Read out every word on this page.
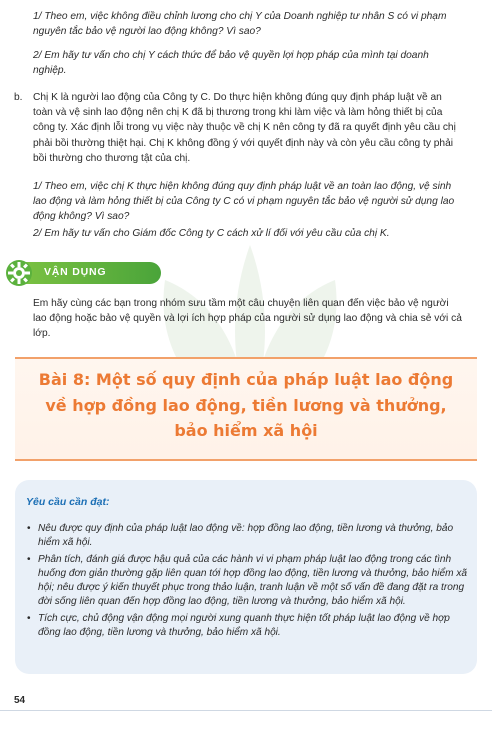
1/ Theo em, việc không điều chỉnh lương cho chị Y của Doanh nghiệp tư nhân S có vi phạm nguyên tắc bảo vệ người lao động không? Vì sao?
2/ Em hãy tư vấn cho chị Y cách thức để bảo vệ quyền lợi hợp pháp của mình tại doanh nghiệp.
b. Chị K là người lao động của Công ty C. Do thực hiện không đúng quy định pháp luật về an toàn và vệ sinh lao động nên chị K đã bị thương trong khi làm việc và làm hỏng thiết bị của công ty. Xác định lỗi trong vụ việc này thuộc về chị K nên công ty đã ra quyết định yêu cầu chị phải bồi thường thiệt hại. Chị K không đồng ý với quyết định này và còn yêu cầu công ty phải bồi thường cho thương tật của chị.
1/ Theo em, việc chị K thực hiện không đúng quy định pháp luật về an toàn lao động, vệ sinh lao động và làm hỏng thiết bị của Công ty C có vi phạm nguyên tắc bảo vệ người sử dụng lao động không? Vì sao?
2/ Em hãy tư vấn cho Giám đốc Công ty C cách xử lí đối với yêu cầu của chị K.
VẬN DỤNG
Em hãy cùng các bạn trong nhóm sưu tầm một câu chuyện liên quan đến việc bảo vệ người lao động hoặc bảo vệ quyền và lợi ích hợp pháp của người sử dụng lao động và chia sẻ với cả lớp.
Bài 8: Một số quy định của pháp luật lao động
về hợp đồng lao động, tiền lương và thưởng,
bảo hiểm xã hội
Yêu cầu cần đạt:
• Nêu được quy định của pháp luật lao động về: hợp đồng lao động, tiền lương và thưởng, bảo hiểm xã hội.
• Phân tích, đánh giá được hậu quả của các hành vi vi phạm pháp luật lao động trong các tình huống đơn giản thường gặp liên quan tới hợp đồng lao động, tiền lương và thưởng, bảo hiểm xã hội; nêu được ý kiến thuyết phục trong thảo luận, tranh luận về một số vấn đề đang đặt ra trong đời sống liên quan đến hợp đồng lao động, tiền lương và thưởng, bảo hiểm xã hội.
• Tích cực, chủ động vận động mọi người xung quanh thực hiện tốt pháp luật lao động về hợp đồng lao động, tiền lương và thưởng, bảo hiểm xã hội.
54
